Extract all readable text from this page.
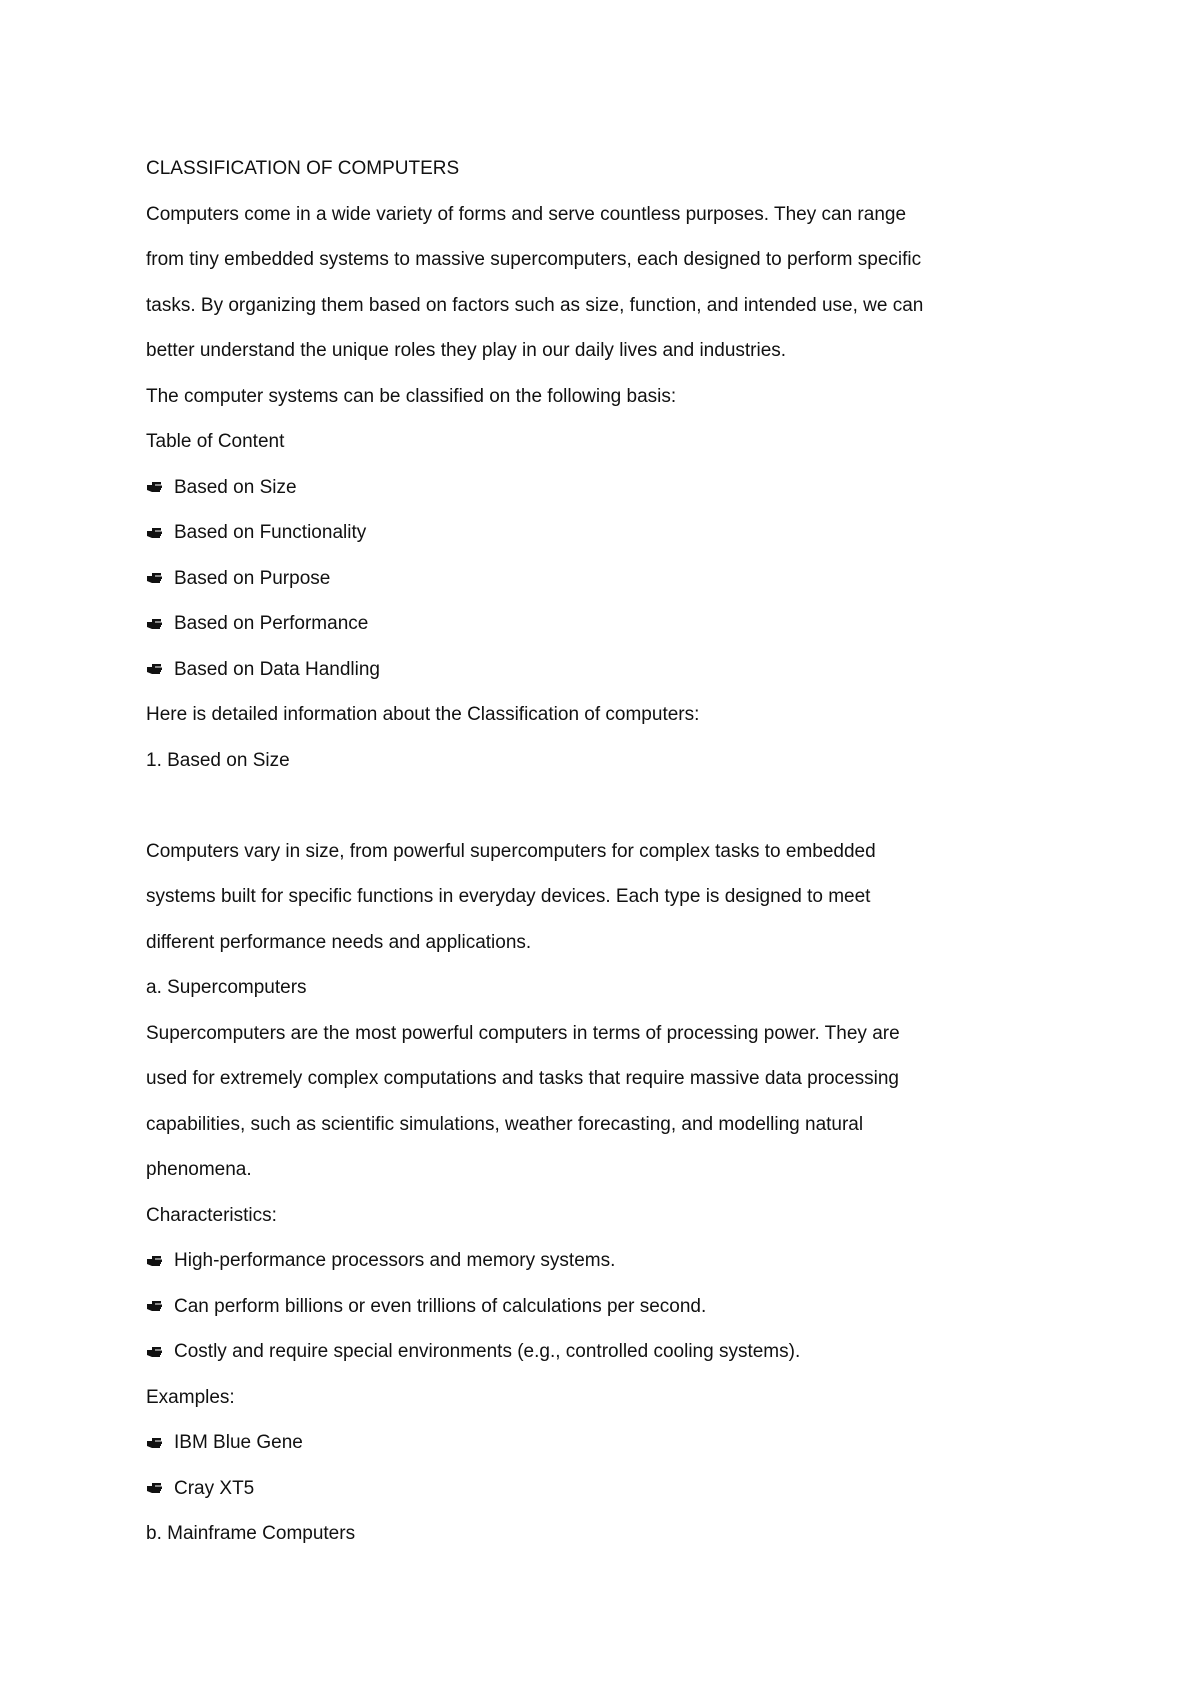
CLASSIFICATION OF COMPUTERS
Computers come in a wide variety of forms and serve countless purposes. They can range
from tiny embedded systems to massive supercomputers, each designed to perform specific
tasks. By organizing them based on factors such as size, function, and intended use, we can
better understand the unique roles they play in our daily lives and industries.
The computer systems can be classified on the following basis:
Table of Content
Based on Size
Based on Functionality
Based on Purpose
Based on Performance
Based on Data Handling
Here is detailed information about the Classification of computers:
1. Based on Size
Computers vary in size, from powerful supercomputers for complex tasks to embedded
systems built for specific functions in everyday devices. Each type is designed to meet
different performance needs and applications.
a. Supercomputers
Supercomputers are the most powerful computers in terms of processing power. They are
used for extremely complex computations and tasks that require massive data processing
capabilities, such as scientific simulations, weather forecasting, and modelling natural
phenomena.
Characteristics:
High-performance processors and memory systems.
Can perform billions or even trillions of calculations per second.
Costly and require special environments (e.g., controlled cooling systems).
Examples:
IBM Blue Gene
Cray XT5
b. Mainframe Computers
